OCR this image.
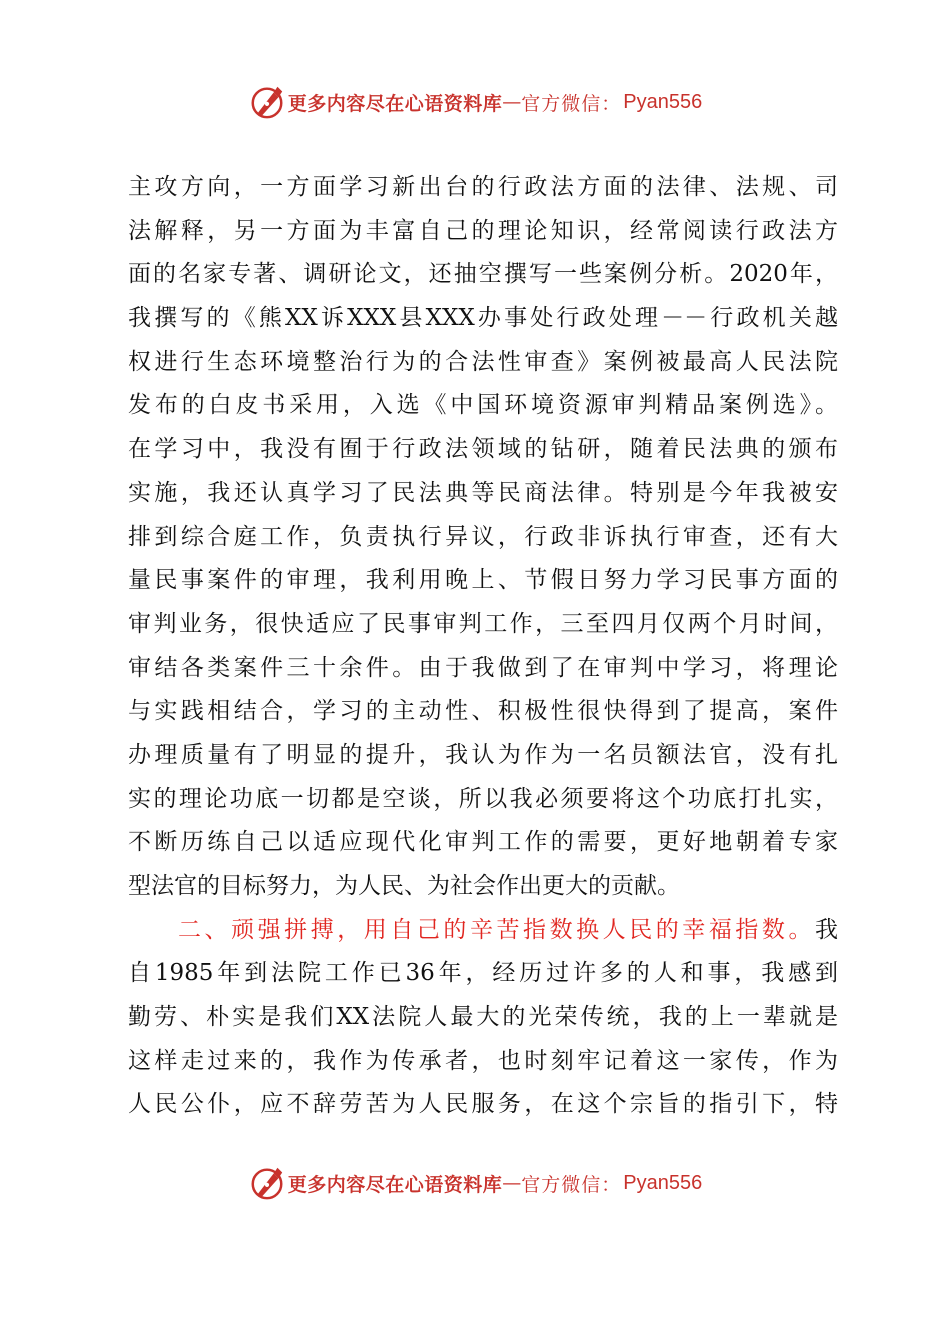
更多内容尽在心语资料库 — 官方微信： Pyan556
主攻方向，一方面学习新出台的行政法方面的法律、法规、司
法解释，另一方面为丰富自己的理论知识，经常阅读行政法方
面的名家专著、调研论文，还抽空撰写一些案例分析。2020年，
我撰写的《熊XX诉XXX县XXX办事处行政处理－－行政机关越
权进行生态环境整治行为的合法性审查》案例被最高人民法院
发布的白皮书采用，入选《中国环境资源审判精品案例选》。
在学习中，我没有囿于行政法领域的钻研，随着民法典的颁布
实施，我还认真学习了民法典等民商法律。特别是今年我被安
排到综合庭工作，负责执行异议，行政非诉执行审查，还有大
量民事案件的审理，我利用晚上、节假日努力学习民事方面的
审判业务，很快适应了民事审判工作，三至四月仅两个月时间，
审结各类案件三十余件。由于我做到了在审判中学习，将理论
与实践相结合，学习的主动性、积极性很快得到了提高，案件
办理质量有了明显的提升，我认为作为一名员额法官，没有扎
实的理论功底一切都是空谈，所以我必须要将这个功底打扎实，
不断历练自己以适应现代化审判工作的需要，更好地朝着专家
型法官的目标努力，为人民、为社会作出更大的贡献。
二、顽强拼搏，用自己的辛苦指数换人民的幸福指数。我
自1985年到法院工作已36年，经历过许多的人和事，我感到
勤劳、朴实是我们XX法院人最大的光荣传统，我的上一辈就是
这样走过来的，我作为传承者，也时刻牢记着这一家传，作为
人民公仆，应不辞劳苦为人民服务，在这个宗旨的指引下，特
更多内容尽在心语资料库 — 官方微信： Pyan556
